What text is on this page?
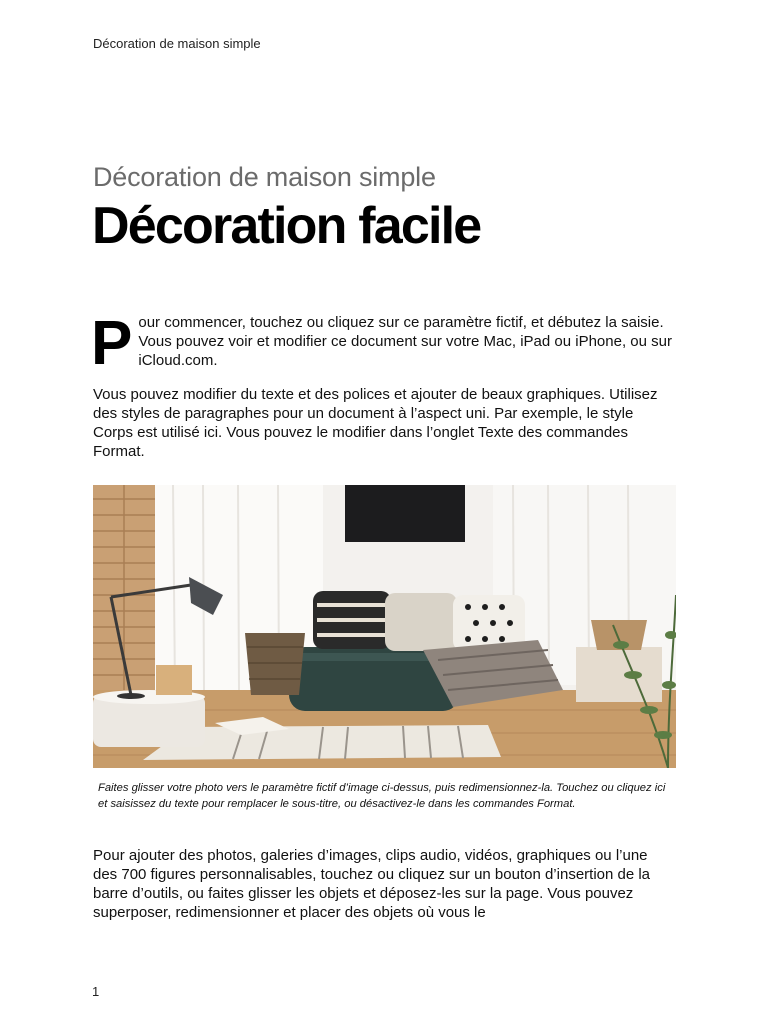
Décoration de maison simple
Décoration de maison simple
Décoration facile
Pour commencer, touchez ou cliquez sur ce paramètre fictif, et débutez la saisie. Vous pouvez voir et modifier ce document sur votre Mac, iPad ou iPhone, ou sur iCloud.com.
Vous pouvez modifier du texte et des polices et ajouter de beaux graphiques. Utilisez des styles de paragraphes pour un document à l’aspect uni. Par exemple, le style Corps est utilisé ici. Vous pouvez le modifier dans l’onglet Texte des commandes Format.
Faites glisser votre photo vers le paramètre fictif d’image ci-dessus, puis redimensionnez-la. Touchez ou cliquez ici et saisissez du texte pour remplacer le sous-titre, ou désactivez-le dans les commandes Format.
Pour ajouter des photos, galeries d’images, clips audio, vidéos, graphiques ou l’une des 700 figures personnalisables, touchez ou cliquez sur un bouton d’insertion de la barre d’outils, ou faites glisser les objets et déposez-les sur la page. Vous pouvez superposer, redimensionner et placer des objets où vous le
1
